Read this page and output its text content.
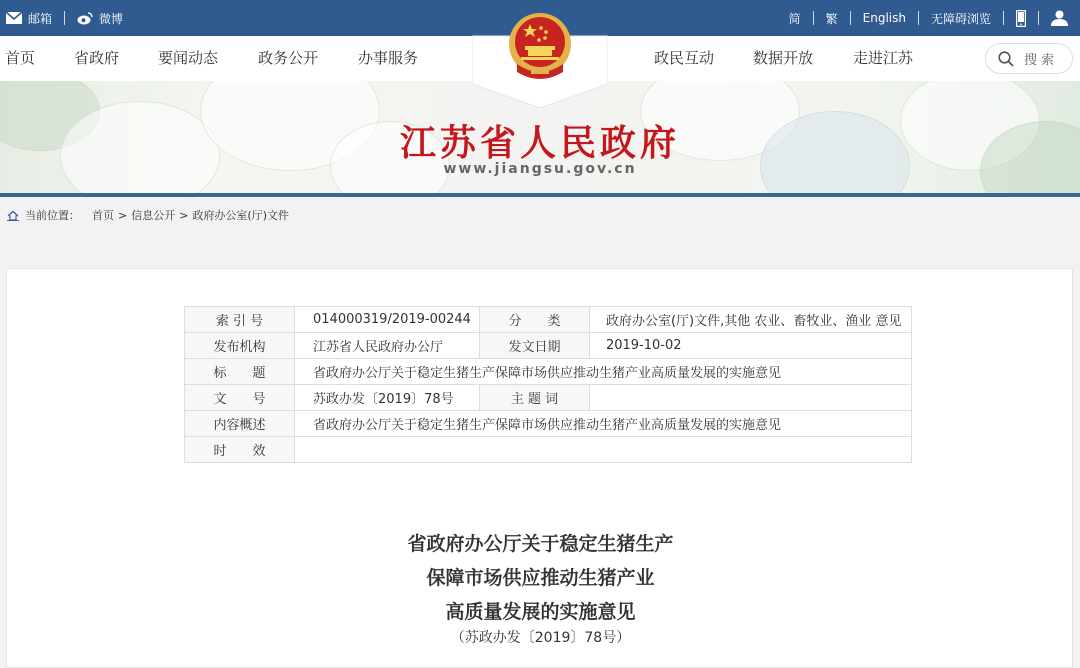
邮箱	微博	简 繁 English 无障碍浏览
首页	省政府	要闻动态	政务公开	办事服务	政民互动	数据开放	走进江苏	搜 索
江苏省人民政府
www.jiangsu.gov.cn
当前位置： 首页 > 信息公开 > 政府办公室(厅)文件
索 引 号	014000319/2019-00244	分　　类	政府办公室(厅)文件,其他 农业、畜牧业、渔业 意见
发布机构	江苏省人民政府办公厅	发文日期	2019-10-02
标　　题	省政府办公厅关于稳定生猪生产保障市场供应推动生猪产业高质量发展的实施意见		
文　　号	苏政办发〔2019〕78号	主 题 词	
内容概述	省政府办公厅关于稳定生猪生产保障市场供应推动生猪产业高质量发展的实施意见		
时　　效			
省政府办公厅关于稳定生猪生产
保障市场供应推动生猪产业
高质量发展的实施意见
（苏政办发〔2019〕78号）
